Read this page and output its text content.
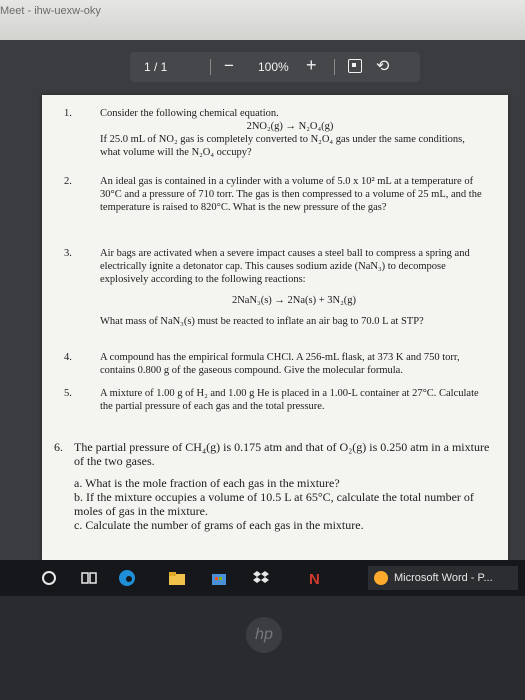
Meet - ihw-uexw-oky
1 / 1	− 100% +	⟲
1.	Consider the following chemical equation.

2NO₂(g) → N₂O₄(g)

If 25.0 mL of NO₂ gas is completely converted to N₂O₄ gas under the same conditions, what volume will the N₂O₄ occupy?

2.	An ideal gas is contained in a cylinder with a volume of 5.0 x 10² mL at a temperature of 30°C and a pressure of 710 torr. The gas is then compressed to a volume of 25 mL, and the temperature is raised to 820°C. What is the new pressure of the gas?

3.	Air bags are activated when a severe impact causes a steel ball to compress a spring and electrically ignite a detonator cap. This causes sodium azide (NaN₃) to decompose explosively according to the following reactions:

2NaN₃(s) → 2Na(s) + 3N₂(g)

What mass of NaN₃(s) must be reacted to inflate an air bag to 70.0 L at STP?

4.	A compound has the empirical formula CHCl. A 256-mL flask, at 373 K and 750 torr, contains 0.800 g of the gaseous compound. Give the molecular formula.

5.	A mixture of 1.00 g of H₂ and 1.00 g He is placed in a 1.00-L container at 27°C. Calculate the partial pressure of each gas and the total pressure.

6. The partial pressure of CH₄(g) is 0.175 atm and that of O₂(g) is 0.250 atm in a mixture of the two gases.

a. What is the mole fraction of each gas in the mixture?

b. If the mixture occupies a volume of 10.5 L at 65°C, calculate the total number of moles of gas in the mixture.

c. Calculate the number of grams of each gas in the mixture.

N	Microsoft Word - P...
hp
